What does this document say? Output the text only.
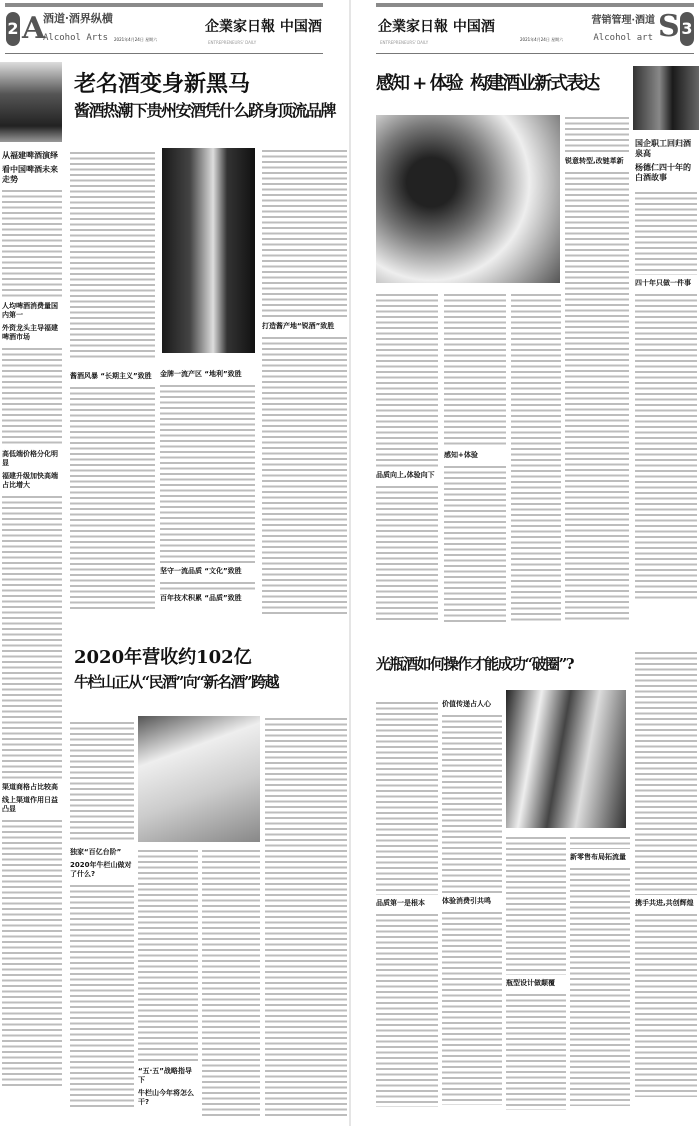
2 A
酒道·酒界纵横
Alcohol Arts 2021年4月24日 星期六
企業家日報 中国酒
ENTREPRENEURS' DAILY
老名酒变身新黑马
酱酒热潮下贵州安酒凭什么跻身顶流品牌
酱酒风暴 “长期主义”致胜	金牌一流产区 “地利”致胜
坚守一流品质 “文化”致胜
百年技术积累 “品质”致胜
打造酱产地“锐酒”致胜
从福建啤酒演绎
看中国啤酒未来走势
人均啤酒消费量国内第一
外资龙头主导福建啤酒市场
高低端价格分化明显
福建升级加快高端占比增大
渠道商格占比较高
线上渠道作用日益凸显
2020年营收约102亿
牛栏山正从“民酒”向“新名酒”跨越
独家“百亿台阶”
2020年牛栏山做对了什么?
“五·五”战略指导下
牛栏山今年将怎么干?
企業家日報 中国酒
ENTREPRENEURS' DAILY
2021年4月24日 星期六
营销管理·酒道
Alcohol art S 3
感知 + 体验  构建酒业新式表达
锐意转型,改链革新
品质向上,体验向下
感知+体验
国企职工回归酒泉高
杨德仁四十年的白酒故事
四十年只做一件事
光瓶酒如何操作才能成功“破圈”?
品质第一是根本
价值传递占人心
体验消费引共鸣
瓶型设计做颠覆
新零售布局拓流量
携手共进,共创辉煌
